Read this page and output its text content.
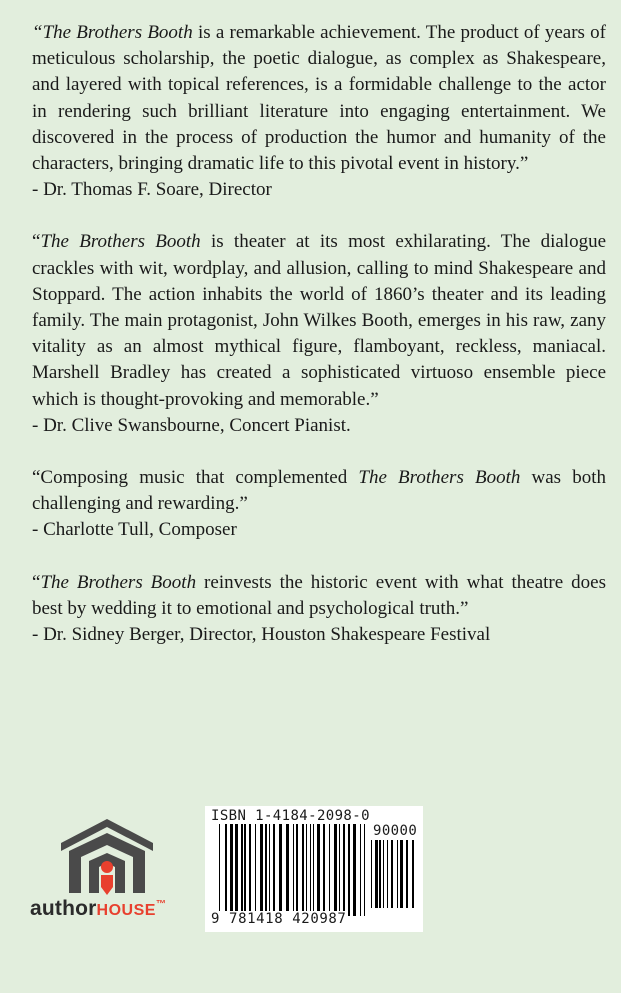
“The Brothers Booth is a remarkable achievement. The product of years of meticulous scholarship, the poetic dialogue, as complex as Shakespeare, and layered with topical references, is a formidable challenge to the actor in rendering such brilliant literature into engaging entertainment. We discovered in the process of production the humor and humanity of the characters, bringing dramatic life to this pivotal event in history.”

- Dr. Thomas F. Soare, Director

“The Brothers Booth is theater at its most exhilarating. The dialogue crackles with wit, wordplay, and allusion, calling to mind Shakespeare and Stoppard. The action inhabits the world of 1860’s theater and its leading family. The main protagonist, John Wilkes Booth, emerges in his raw, zany vitality as an almost mythical figure, flamboyant, reckless, maniacal. Marshell Bradley has created a sophisticated virtuoso ensemble piece which is thought-provoking and memorable.”

- Dr. Clive Swansbourne, Concert Pianist.

“Composing music that complemented The Brothers Booth was both challenging and rewarding.”

- Charlotte Tull, Composer

“The Brothers Booth reinvests the historic event with what theatre does best by wedding it to emotional and psychological truth.”

- Dr. Sidney Berger, Director, Houston Shakespeare Festival
authorHOUSE™
ISBN 1-4184-2098-0
90000
9 781418 420987
